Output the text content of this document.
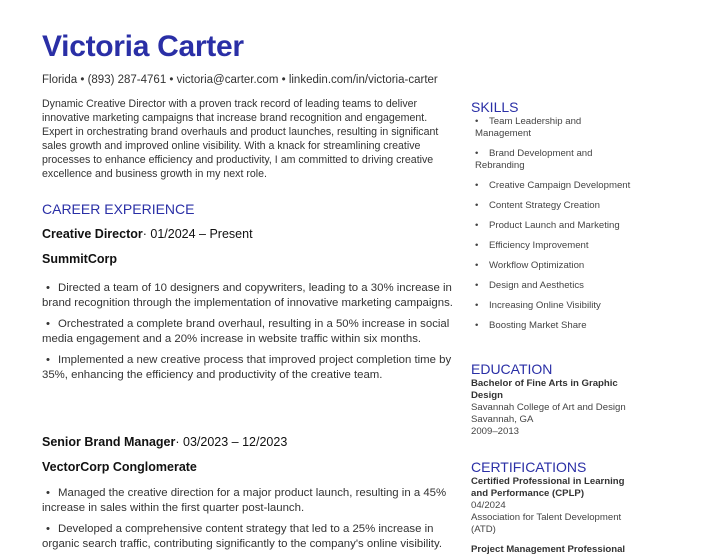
Victoria Carter
Florida • (893) 287-4761 • victoria@carter.com • linkedin.com/in/victoria-carter
Dynamic Creative Director with a proven track record of leading teams to deliver innovative marketing campaigns that increase brand recognition and engagement. Expert in orchestrating brand overhauls and product launches, resulting in significant sales growth and improved online visibility. With a knack for streamlining creative processes to enhance efficiency and productivity, I am committed to driving creative excellence and business growth in my next role.
CAREER EXPERIENCE
Creative Director· 01/2024 – Present
SummitCorp
• Directed a team of 10 designers and copywriters, leading to a 30% increase in brand recognition through the implementation of innovative marketing campaigns.
• Orchestrated a complete brand overhaul, resulting in a 50% increase in social media engagement and a 20% increase in website traffic within six months.
• Implemented a new creative process that improved project completion time by 35%, enhancing the efficiency and productivity of the creative team.
Senior Brand Manager· 03/2023 – 12/2023
VectorCorp Conglomerate
• Managed the creative direction for a major product launch, resulting in a 45% increase in sales within the first quarter post-launch.
• Developed a comprehensive content strategy that led to a 25% increase in organic search traffic, contributing significantly to the company's online visibility.
SKILLS
• Team Leadership and Management
• Brand Development and Rebranding
• Creative Campaign Development
• Content Strategy Creation
• Product Launch and Marketing
• Efficiency Improvement
• Workflow Optimization
• Design and Aesthetics
• Increasing Online Visibility
• Boosting Market Share
EDUCATION
Bachelor of Fine Arts in Graphic Design
Savannah College of Art and Design
Savannah, GA
2009–2013
CERTIFICATIONS
Certified Professional in Learning and Performance (CPLP)
04/2024
Association for Talent Development (ATD)
Project Management Professional
